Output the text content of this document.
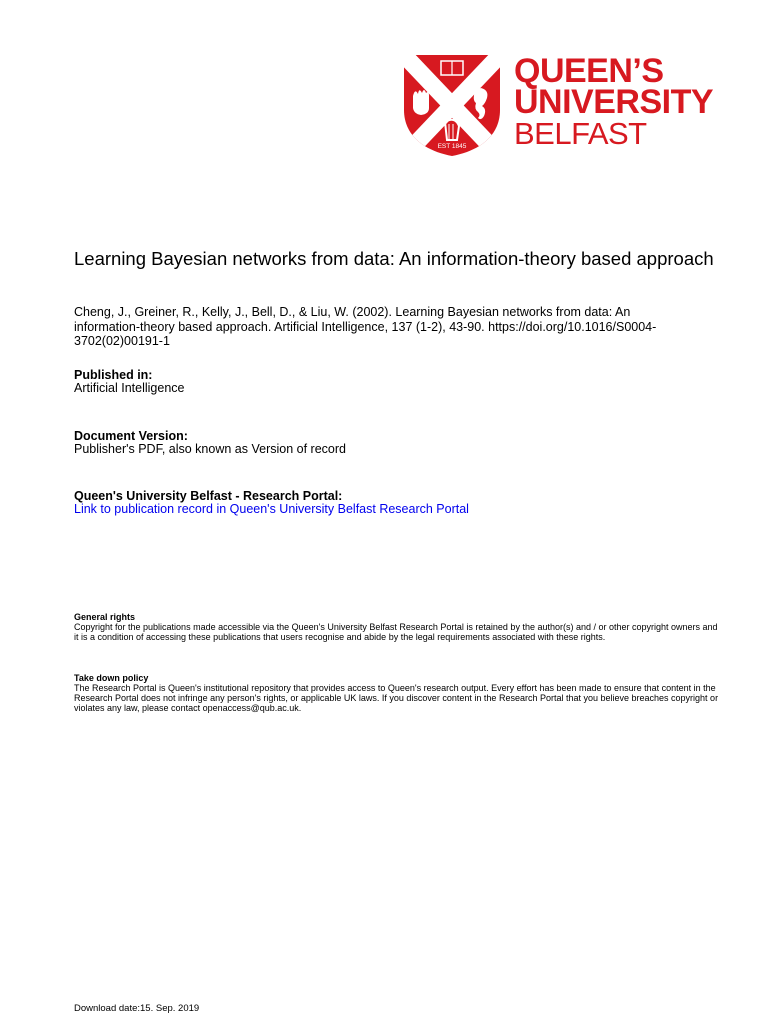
EST 1845
QUEEN’S
UNIVERSITY
BELFAST
Learning Bayesian networks from data: An information-theory based approach

Cheng, J., Greiner, R., Kelly, J., Bell, D., & Liu, W. (2002). Learning Bayesian networks from data: An information-theory based approach. Artificial Intelligence, 137 (1-2), 43-90. https://doi.org/10.1016/S0004-3702(02)00191-1

Published in:
Artificial Intelligence
Document Version:
Publisher's PDF, also known as Version of record
Queen's University Belfast - Research Portal:
Link to publication record in Queen's University Belfast Research Portal
General rights
Copyright for the publications made accessible via the Queen's University Belfast Research Portal is retained by the author(s) and / or other copyright owners and it is a condition of accessing these publications that users recognise and abide by the legal requirements associated with these rights.
Take down policy
The Research Portal is Queen's institutional repository that provides access to Queen's research output. Every effort has been made to ensure that content in the Research Portal does not infringe any person's rights, or applicable UK laws. If you discover content in the Research Portal that you believe breaches copyright or violates any law, please contact openaccess@qub.ac.uk.

Download date:15. Sep. 2019
